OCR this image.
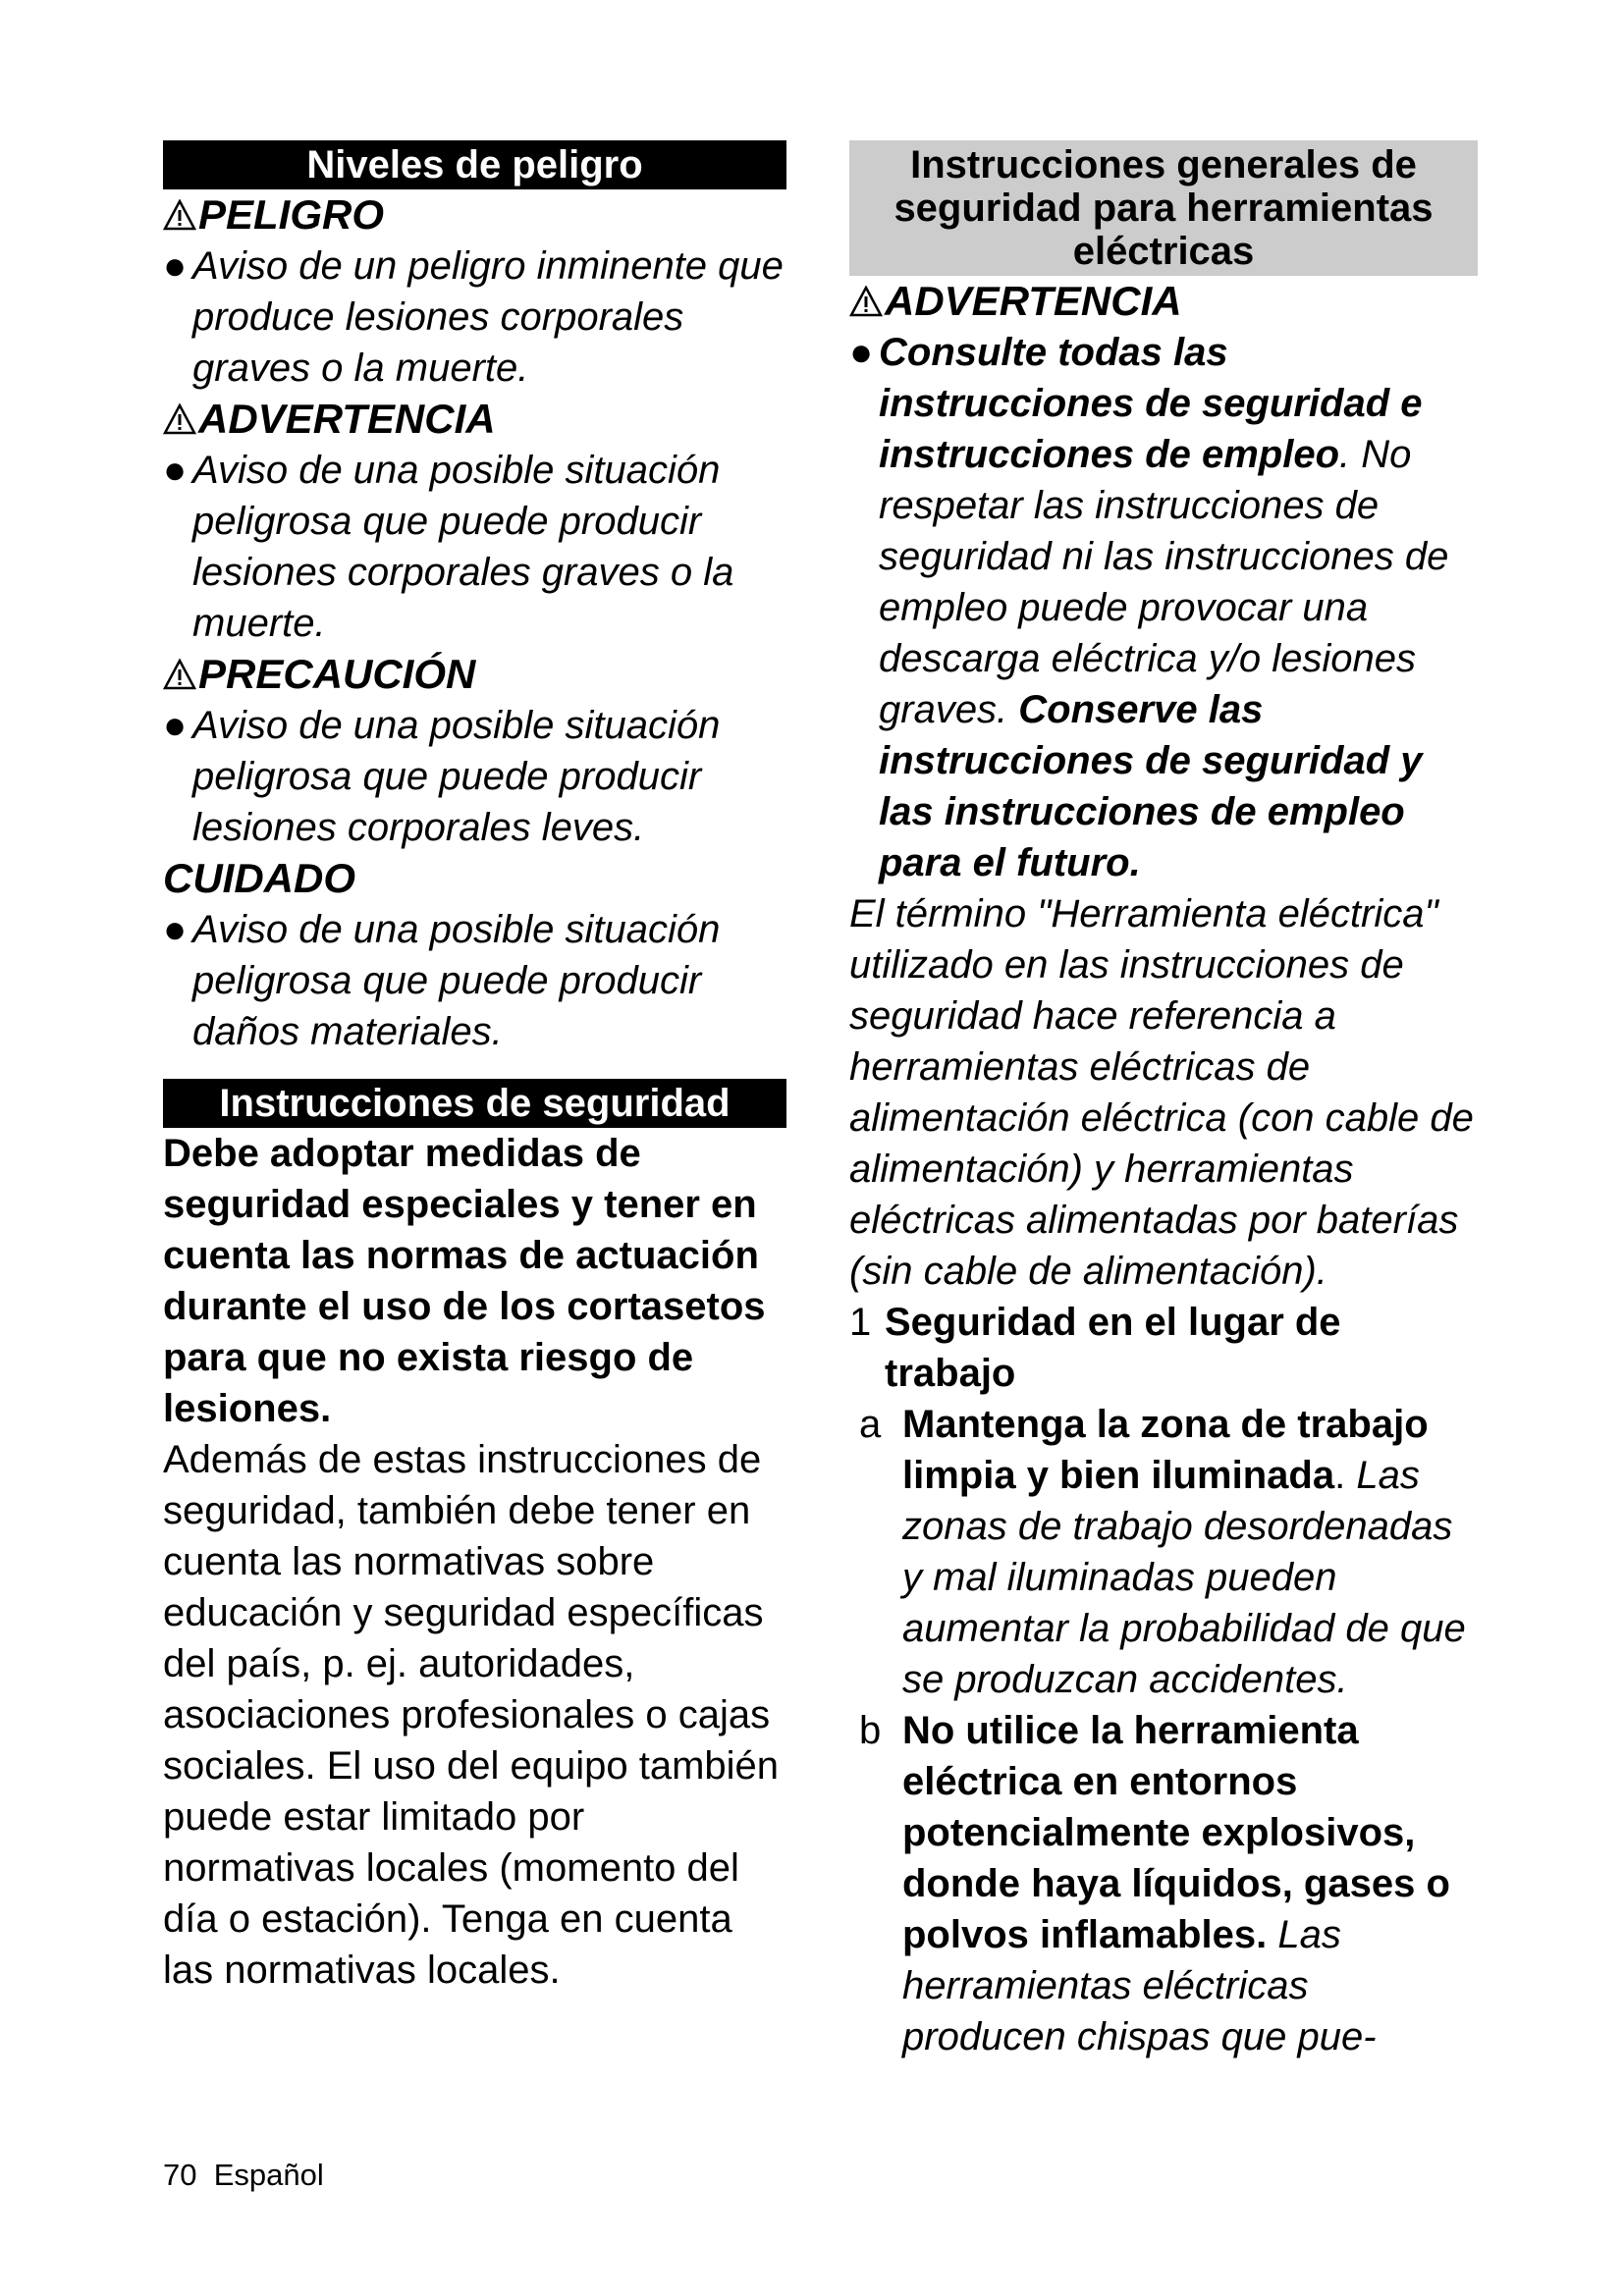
Niveles de peligro
PELIGRO
● Aviso de un peligro inminente que produce lesiones corporales graves o la muerte.
ADVERTENCIA
● Aviso de una posible situación peligrosa que puede producir lesiones corporales graves o la muerte.
PRECAUCIÓN
● Aviso de una posible situación peligrosa que puede producir lesiones corporales leves.
CUIDADO
● Aviso de una posible situación peligrosa que puede producir daños materiales.
Instrucciones de seguridad
Debe adoptar medidas de seguridad especiales y tener en cuenta las normas de actuación durante el uso de los cortasetos para que no exista riesgo de lesiones.
Además de estas instrucciones de seguridad, también debe tener en cuenta las normativas sobre educación y seguridad específicas del país, p. ej. autoridades, asociaciones profesionales o cajas sociales. El uso del equipo también puede estar limitado por normativas locales (momento del día o estación). Tenga en cuenta las normativas locales.
Instrucciones generales de seguridad para herramientas eléctricas
ADVERTENCIA
● Consulte todas las instrucciones de seguridad e instrucciones de empleo. No respetar las instrucciones de seguridad ni las instrucciones de empleo puede provocar una descarga eléctrica y/o lesiones graves. Conserve las instrucciones de seguridad y las instrucciones de empleo para el futuro.
El término "Herramienta eléctrica" utilizado en las instrucciones de seguridad hace referencia a herramientas eléctricas de alimentación eléctrica (con cable de alimentación) y herramientas eléctricas alimentadas por baterías (sin cable de alimentación).
1 Seguridad en el lugar de trabajo
a Mantenga la zona de trabajo limpia y bien iluminada. Las zonas de trabajo desordenadas y mal iluminadas pueden aumentar la probabilidad de que se produzcan accidentes.
b No utilice la herramienta eléctrica en entornos potencialmente explosivos, donde haya líquidos, gases o polvos inflamables. Las herramientas eléctricas producen chispas que pue-
70 Español
